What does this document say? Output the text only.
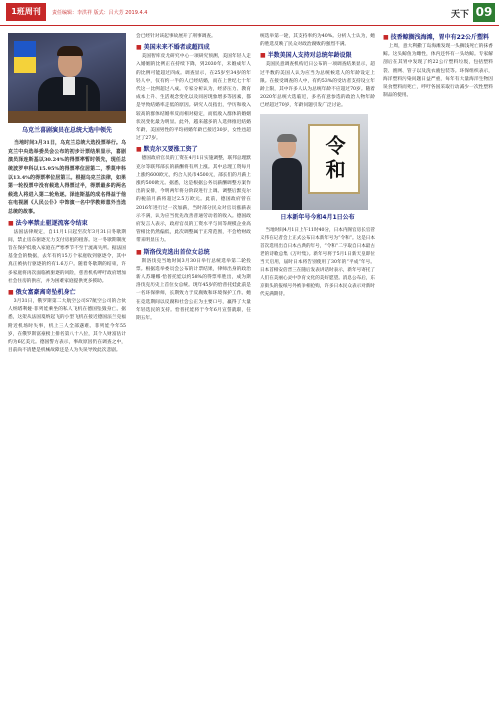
1班周刊	责任编辑：李洪祥 版式：吕大芳 2019.4.4	天下 09
乌克兰喜剧演员在总统大选中领先

当地时间3月31日，乌克兰总统大选投票举行。乌克兰中央选举委员会公布的初步计票结果显示，喜剧演员泽连斯基以30.24%的得票率暂时领先，现任总统波罗申科以15.95%的得票率位居第二，季莫申科以13.4%的得票率位居第三。根据乌克兰法律，如果第一轮投票中没有候选人得票过半，得票最多的两名候选人将进入第二轮角逐。泽连斯基的成名得益于他在电视剧《人民公仆》中饰演一名中学教师意外当选总统的故事。

■ 法今率禁止驱逐流客令结束

法国法律规定，自11月1日起至次年3月31日冬歇期间，禁止房东驱逐无力支付房租的租客。这一冬歇期制度旨在保护低收入家庭在严寒季节不至于流离失所。据法国基金会的数据，去年有约15万个家庭收到驱逐令，其中真正被执行驱逐的约有1.6万户。随着冬歇期的结束，许多家庭将再次面临被驱逐的风险，慈善机构呼吁政府增加社会住房的供应，并为困难家庭提供更多援助。

■ 俄女富豪离奇坠机身亡

3月31日，俄罗斯第二大航空公司S7航空公司的合伙人纳塔利娅·菲列娃乘坐的私人飞机在德国坠毁身亡。据悉，这架从法国戛纳起飞的小型飞机在接近德国法兰克福附近机场时失事，机上三人全部遇难。菲列娃今年55岁，在俄罗斯富豪榜上排名第八十八位，其个人财富估计约为6亿美元。德国警方表示，事故原因仍在调查之中，目前尚不清楚是机械故障还是人为失误导致此次悲剧。

会已经针对该起事故展开了刑事调查。

■ 美国未来不婚者或超四成

美国智库皮尤研究中心一项研究预测，美国年轻人走入婚姻的比例正在持续下降，到2030年，未婚成年人的比例可能超过四成。调查显示，在25岁至34岁的年轻人中，仅有约一半的人已经结婚，而在上世纪七十年代这一比例超过八成。专家分析认为，经济压力、教育成本上升、生活观念变化以及同居现象增多等因素，都是导致结婚率走低的原因。研究人员指出，学历和收入较高的群体结婚率反而相对稳定，而低收入群体的婚姻状况变化最为明显。此外，越来越多的人选择推迟结婚年龄，美国男性的平均初婚年龄已接近30岁，女性也超过了27岁。

■ 默克尔又要涨工资了

德国政府官员的工资在4月1日实施调整，联邦总理默克尔等联邦部长的薪酬将有所上涨。其中总理工资每月上涨约600欧元，约合人民币4500元，部长们的月薪上涨约500欧元。据悉，这是根据公务员薪酬调整方案作出的安排，今明两年将分阶段进行上调。调整后默克尔的税前月薪将超过2.5万欧元。此前，德国政府曾在2016年进行过一次加薪，当时部分民众对官员涨薪表示不满，认为应当优先改善普通劳动者的收入。德国政府发言人表示，政府官员的工资水平与同等规模企业高管相比仍然偏低，此次调整属于正常范围，不会给财政带来明显压力。

■ 斯洛伐克选出首位女总统

斯洛伐克当地时间3月30日举行总统选举第二轮投票。根据选举委员会公布的计票结果，律师出身的政治新人苏珊娜·恰普托娃以约58%的得票率胜出，成为斯洛伐克历史上首位女总统。现年45岁的恰普托娃此前是一名环保律师，长期致力于反腐败和环境保护工作。她在竞选期间以反腐和社会公正为主要口号，赢得了大量年轻选民的支持。恰普托娃将于今年6月宣誓就职，任期五年。

统选举第一轮，其支持率约为40%。分析人士认为，她的胜选反映了民众对政治腐败的强烈不满。

■ 半数美国人支持对总统年龄设限

美国民意调查机构近日公布的一项调查结果显示，超过半数的美国人认为应当为总统候选人的年龄设定上限。在接受调查的人中，有约53%的受访者支持设立年龄上限，其中许多人认为总统年龄不应超过70岁。随着2020年总统大选临近，多名有意参选的政治人物年龄已经超过70岁，年龄问题引发广泛讨论。

令和
日本新年号今和4月1日公布

当地时间4月1日上午11时40分，日本内阁官房长官菅义伟在记者会上正式公布日本新年号为“令和”。这是日本首次选用出自日本古典的年号，“令和”二字取自日本最古老的诗歌总集《万叶集》。新年号将于5月1日新天皇即位当天启用，届时日本将告别使用了30年的“平成”年号。日本首相安倍晋三在随后发表讲话时表示，新年号寄托了人们在美丽心灵中孕育文化的美好愿望。消息公布后，东京街头的报纸号外被争相抢购，许多日本民众表示对新时代充满期待。

■ 技香鲸搁浅海滩，胃中有22公斤塑料

上周，意大利撒丁岛海滩发现一头搁浅死亡的抹香鲸。这头鲸鱼为雌性，体内还怀有一头幼鲸。专家解剖后在其胃中发现了约22公斤塑料垃圾，包括塑料袋、渔网、管子以及洗衣液包装等。环保组织表示，海洋塑料污染问题日益严重，每年有大量海洋生物因误食塑料而死亡，呼吁各国采取行动减少一次性塑料制品的使用。
